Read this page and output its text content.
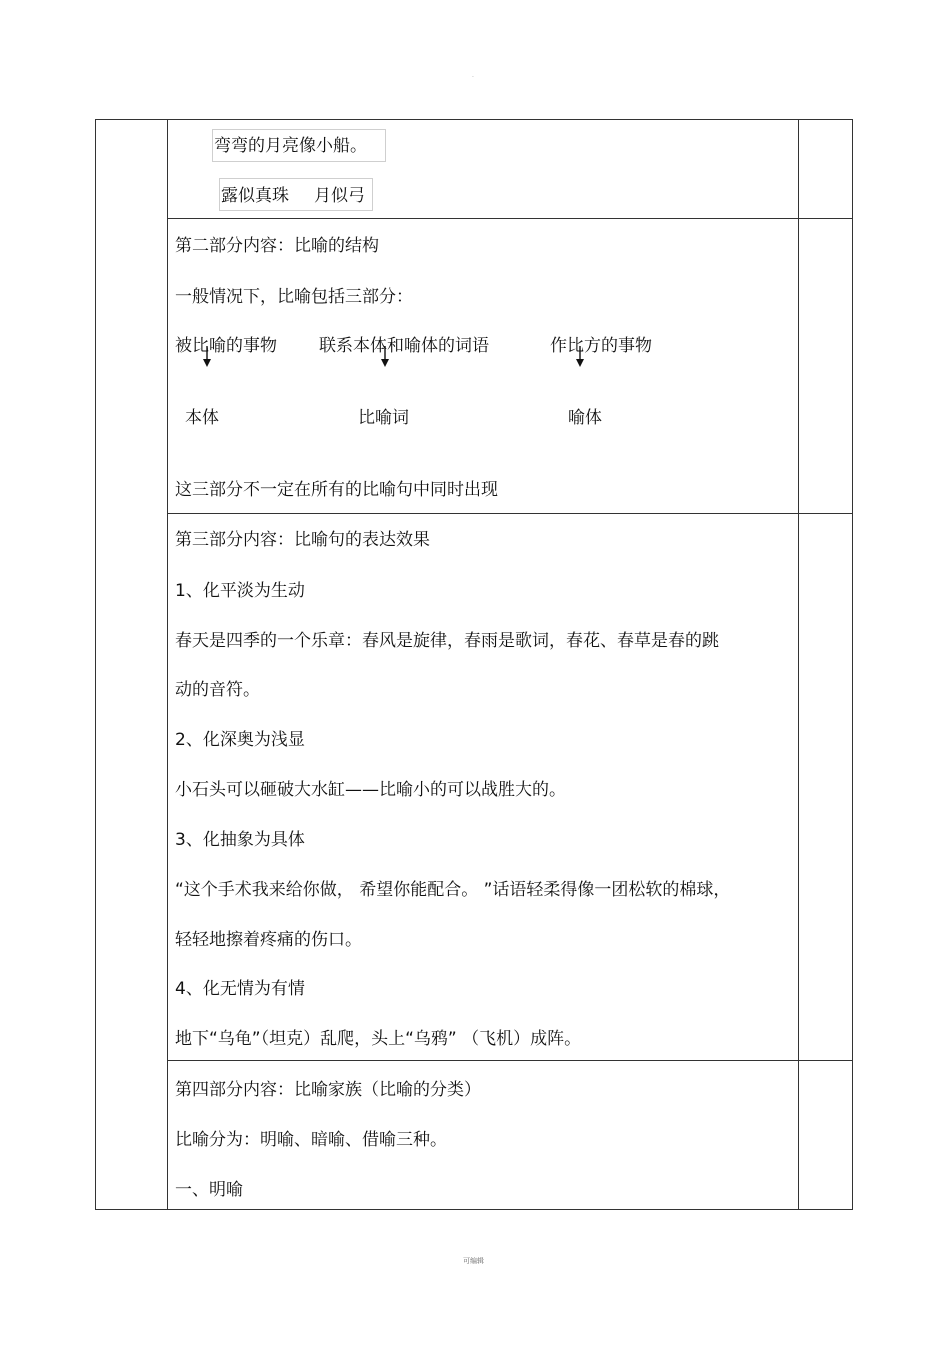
·
弯弯的月亮像小船。
露似真珠 月似弓
第二部分内容：比喻的结构
一般情况下，比喻包括三部分：
被比喻的事物 联系本体和喻体的词语	作比方的事物
本体	比喻词	喻体
这三部分不一定在所有的比喻句中同时出现
第三部分内容：比喻句的表达效果
1、化平淡为生动
春天是四季的一个乐章：春风是旋律，春雨是歌词，春花、春草是春的跳
动的音符。
2、化深奥为浅显
小石头可以砸破大水缸——比喻小的可以战胜大的。
3、化抽象为具体
“这个手术我来给你做， 希望你能配合。 ”话语轻柔得像一团松软的棉球，
轻轻地擦着疼痛的伤口。
4、化无情为有情
地下“乌龟”（坦克）乱爬，头上“乌鸦” （飞机）成阵。
第四部分内容：比喻家族（比喻的分类）
比喻分为：明喻、暗喻、借喻三种。
一、明喻
可编辑
